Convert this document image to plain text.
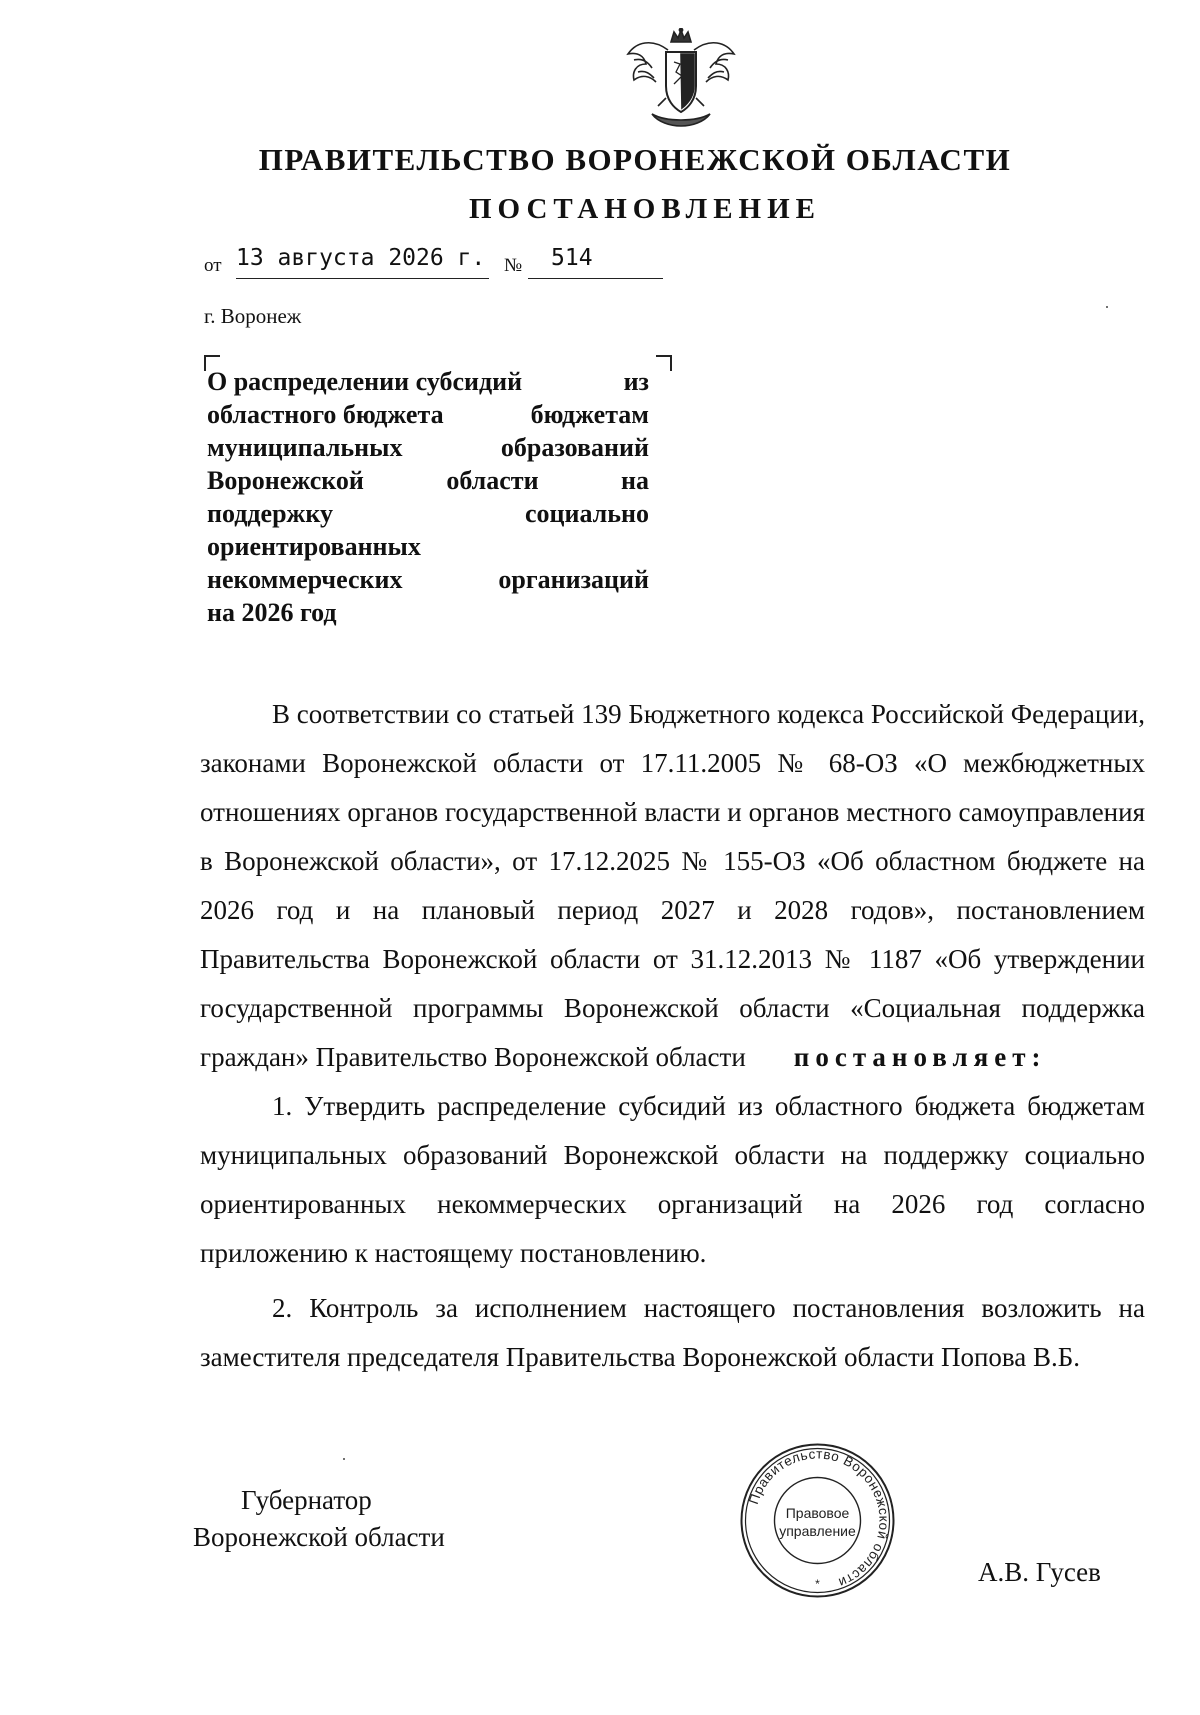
ПРАВИТЕЛЬСТВО ВОРОНЕЖСКОЙ ОБЛАСТИ
ПОСТАНОВЛЕНИЕ
от 13 августа 2026 г. № 514
г. Воронеж
О распределении субсидий	из
областного бюджета	бюджетам
муниципальных	образований
Воронежской	области	на
поддержку	социально
ориентированных
некоммерческих	организаций
на 2026 год

В соответствии со статьей 139 Бюджетного кодекса Российской Федерации, законами Воронежской области от 17.11.2005 № 68-ОЗ «О межбюджетных отношениях органов государственной власти и органов местного самоуправления в Воронежской области», от 17.12.2025 № 155-ОЗ «Об областном бюджете на 2026 год и на плановый период 2027 и 2028 годов», постановлением Правительства Воронежской области от 31.12.2013 № 1187 «Об утверждении государственной программы Воронежской области «Социальная поддержка граждан» Правительство Воронежской области постановляет:

1. Утвердить распределение субсидий из областного бюджета бюджетам муниципальных образований Воронежской области на поддержку социально ориентированных некоммерческих организаций на 2026 год согласно приложению к настоящему постановлению.

2. Контроль за исполнением настоящего постановления возложить на заместителя председателя Правительства Воронежской области Попова В.Б.

Губернатор
Воронежской области
Правительство Воронежской области
Правовое
управление
*	А.В. Гусев
